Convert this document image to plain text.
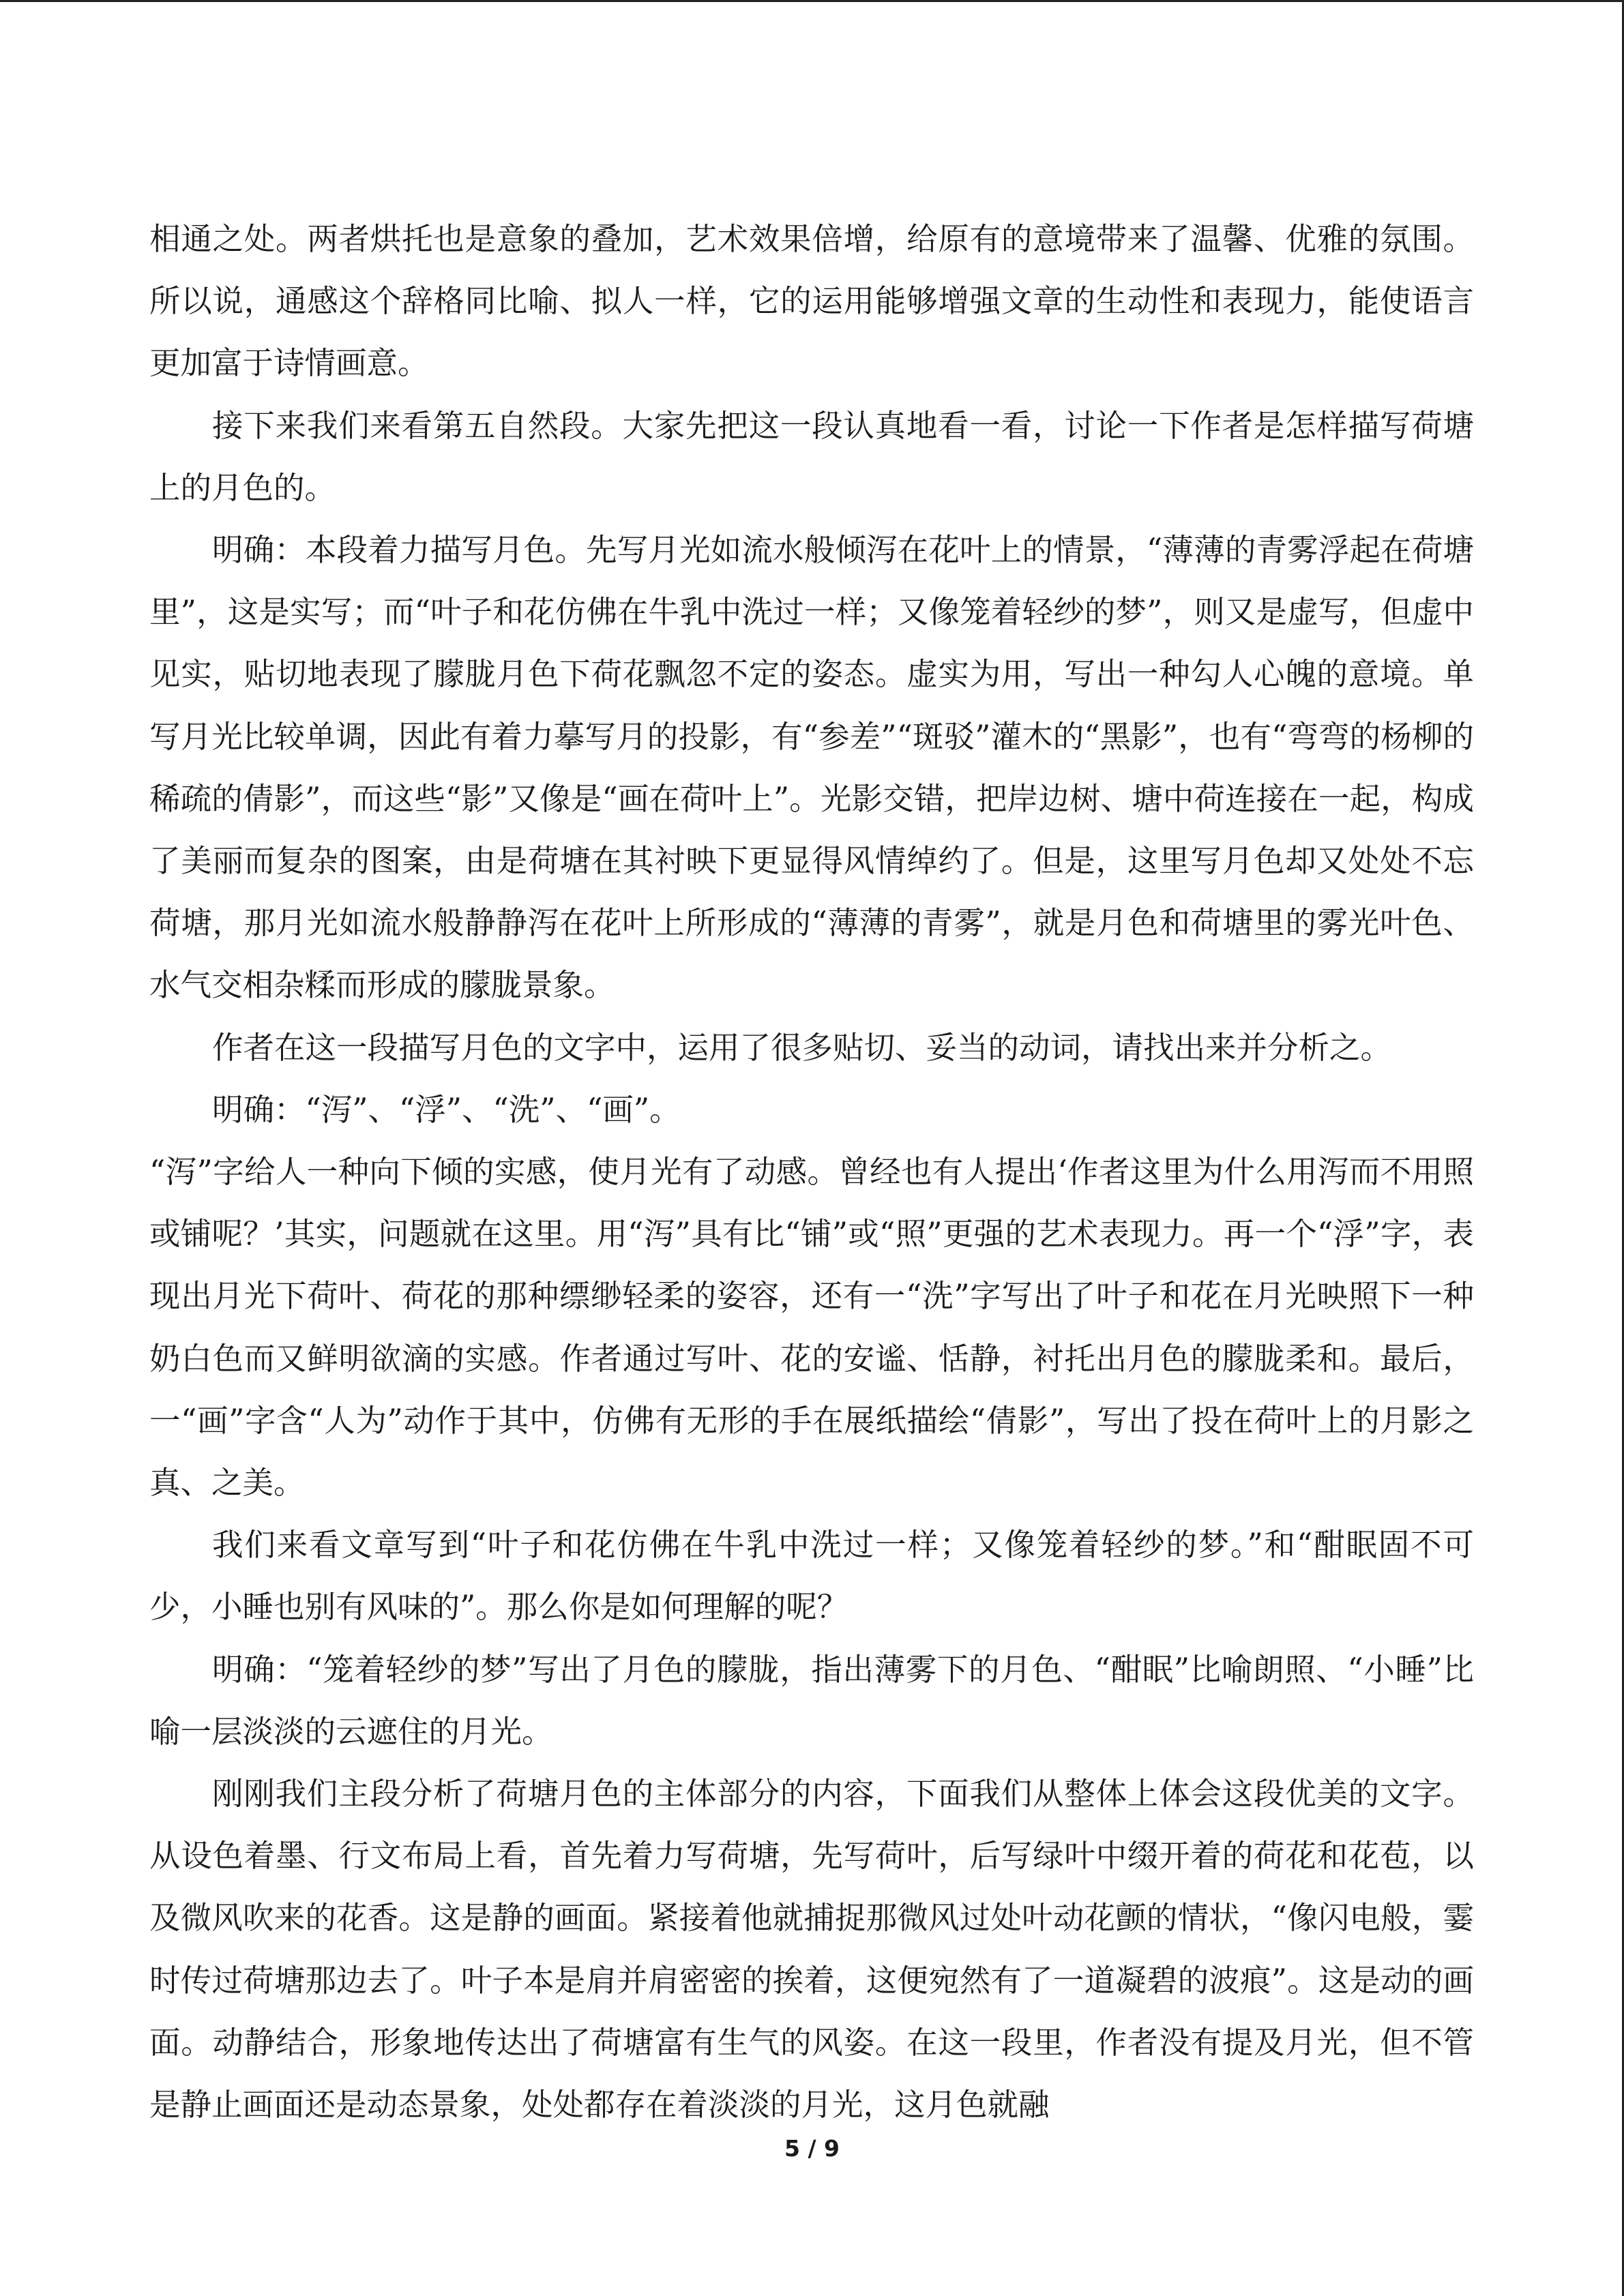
相通之处。两者烘托也是意象的叠加，艺术效果倍增，给原有的意境带来了温馨、优雅的氛围。所以说，通感这个辞格同比喻、拟人一样，它的运用能够增强文章的生动性和表现力，能使语言更加富于诗情画意。

接下来我们来看第五自然段。大家先把这一段认真地看一看，讨论一下作者是怎样描写荷塘上的月色的。

明确：本段着力描写月色。先写月光如流水般倾泻在花叶上的情景，“薄薄的青雾浮起在荷塘里”，这是实写；而“叶子和花仿佛在牛乳中洗过一样；又像笼着轻纱的梦”，则又是虚写，但虚中见实，贴切地表现了朦胧月色下荷花飘忽不定的姿态。虚实为用，写出一种勾人心魄的意境。单写月光比较单调，因此有着力摹写月的投影，有“参差”“斑驳”灌木的“黑影”，也有“弯弯的杨柳的稀疏的倩影”，而这些“影”又像是“画在荷叶上”。光影交错，把岸边树、塘中荷连接在一起，构成了美丽而复杂的图案，由是荷塘在其衬映下更显得风情绰约了。但是，这里写月色却又处处不忘荷塘，那月光如流水般静静泻在花叶上所形成的“薄薄的青雾”，就是月色和荷塘里的雾光叶色、水气交相杂糅而形成的朦胧景象。

作者在这一段描写月色的文字中，运用了很多贴切、妥当的动词，请找出来并分析之。

明确：“泻”、“浮”、“洗”、“画”。

“泻”字给人一种向下倾的实感，使月光有了动感。曾经也有人提出‘作者这里为什么用泻而不用照或铺呢？’其实，问题就在这里。用“泻”具有比“铺”或“照”更强的艺术表现力。再一个“浮”字，表现出月光下荷叶、荷花的那种缥缈轻柔的姿容，还有一“洗”字写出了叶子和花在月光映照下一种奶白色而又鲜明欲滴的实感。作者通过写叶、花的安谧、恬静，衬托出月色的朦胧柔和。最后，一“画”字含“人为”动作于其中，仿佛有无形的手在展纸描绘“倩影”，写出了投在荷叶上的月影之真、之美。

我们来看文章写到“叶子和花仿佛在牛乳中洗过一样；又像笼着轻纱的梦。”和“酣眠固不可少，小睡也别有风味的”。那么你是如何理解的呢？

明确：“笼着轻纱的梦”写出了月色的朦胧，指出薄雾下的月色、“酣眠”比喻朗照、“小睡”比喻一层淡淡的云遮住的月光。

刚刚我们主段分析了荷塘月色的主体部分的内容，下面我们从整体上体会这段优美的文字。从设色着墨、行文布局上看，首先着力写荷塘，先写荷叶，后写绿叶中缀开着的荷花和花苞，以及微风吹来的花香。这是静的画面。紧接着他就捕捉那微风过处叶动花颤的情状，“像闪电般，霎时传过荷塘那边去了。叶子本是肩并肩密密的挨着，这便宛然有了一道凝碧的波痕”。这是动的画面。动静结合，形象地传达出了荷塘富有生气的风姿。在这一段里，作者没有提及月光，但不管是静止画面还是动态景象，处处都存在着淡淡的月光，这月色就融

5 / 9
